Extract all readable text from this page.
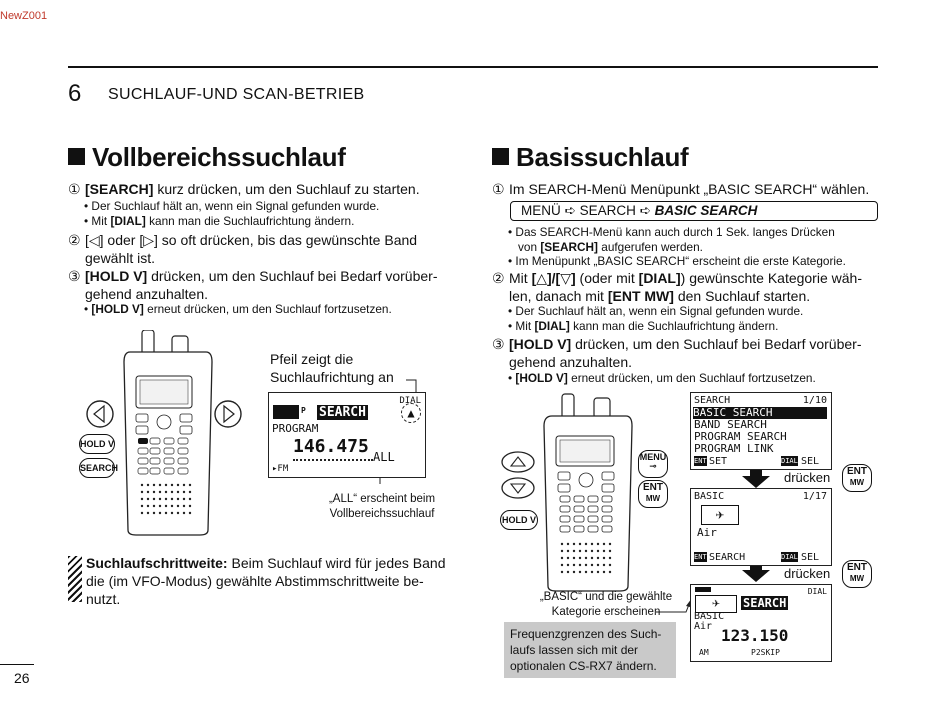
NewZ001
6 SUCHLAUF-UND SCAN-BETRIEB
Vollbereichssuchlauf
① [SEARCH] kurz drücken, um den Suchlauf zu starten.
• Der Suchlauf hält an, wenn ein Signal gefunden wurde.
• Mit [DIAL] kann man die Suchlaufrichtung ändern.
② [◁] oder [▷] so oft drücken, bis das gewünschte Band
gewählt ist.
③ [HOLD V] drücken, um den Suchlauf bei Bedarf vorüber-
gehend anzuhalten.
• [HOLD V] erneut drücken, um den Suchlauf fortzusetzen.
HOLD V
SEARCH
Pfeil zeigt die
Suchlaufrichtung an
DIAL
P SEARCH	▲
PROGRAM
146.475 ALL
▸FM
„ALL“ erscheint beim
Vollbereichssuchlauf
Suchlaufschrittweite: Beim Suchlauf wird für jedes Band
die (im VFO-Modus) gewählte Abstimmschrittweite be-
nutzt.
Basissuchlauf
① Im SEARCH-Menü Menüpunkt „BASIC SEARCH“ wählen.
MENÜ ➪ SEARCH ➪ BASIC SEARCH
• Das SEARCH-Menü kann auch durch 1 Sek. langes Drücken
von [SEARCH] aufgerufen werden.
• Im Menüpunkt „BASIC SEARCH“ erscheint die erste Kategorie.
② Mit [△]/[▽] (oder mit [DIAL]) gewünschte Kategorie wäh-
len, danach mit [ENT MW] den Suchlauf starten.
• Der Suchlauf hält an, wenn ein Signal gefunden wurde.
• Mit [DIAL] kann man die Suchlaufrichtung ändern.
③ [HOLD V] drücken, um den Suchlauf bei Bedarf vorüber-
gehend anzuhalten.
• [HOLD V] erneut drücken, um den Suchlauf fortzusetzen.
MENU
⊸
ENT
MW
HOLD V
SEARCH	1/10
BASIC SEARCH
BAND SEARCH
PROGRAM SEARCH
PROGRAM LINK
ENT SET	DIAL SEL
drücken	ENT
MW
BASIC	1/17
✈
Air
ENT SEARCH	DIAL SEL
drücken	ENT
MW
DIAL
✈	SEARCH
BASIC
Air 123.150
AM	P2SKIP
„BASIC“ und die gewählte
Kategorie erscheinen
Frequenzgrenzen des Such-
laufs lassen sich mit der
optionalen CS-RX7 ändern.
26
